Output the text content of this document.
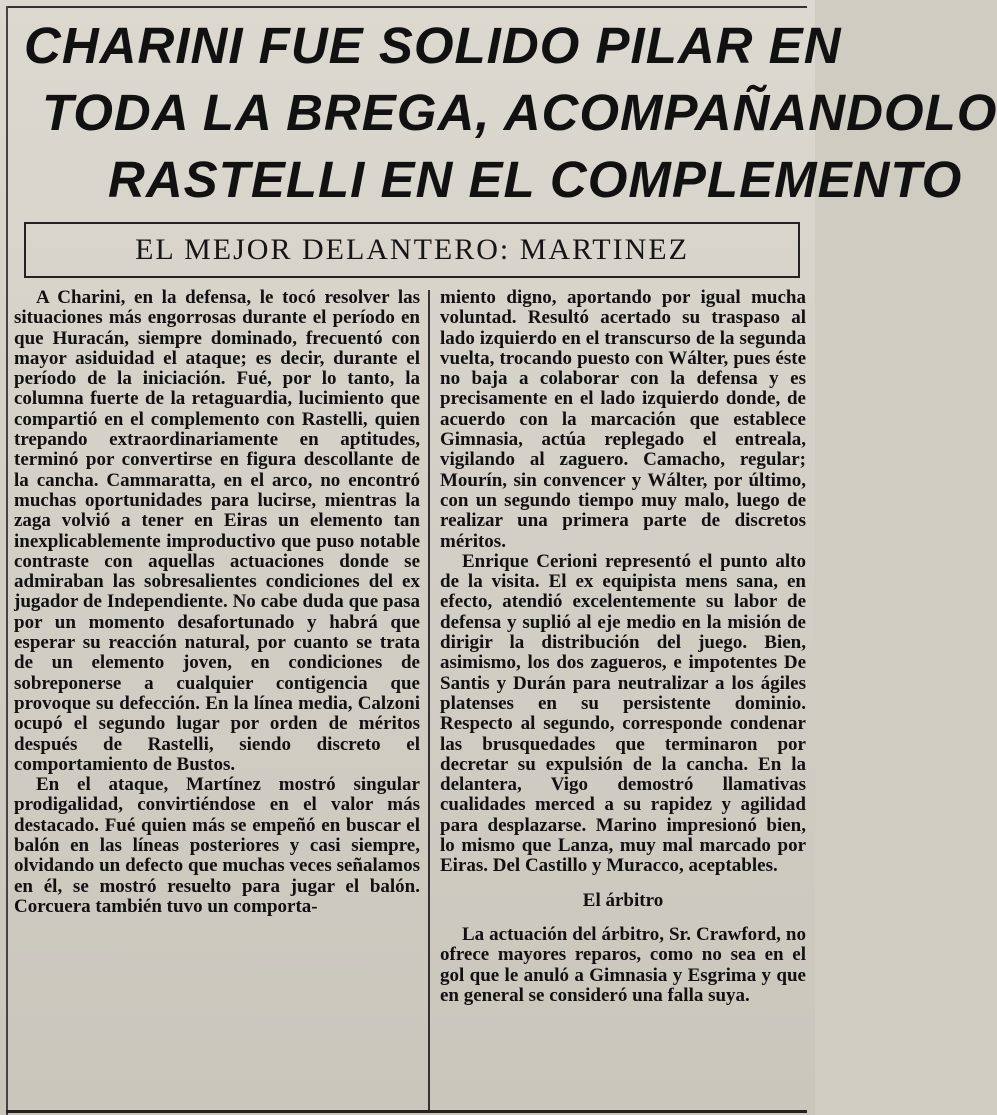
CHARINI FUE SOLIDO PILAR EN
TODA LA BREGA, ACOMPAÑANDOLO
RASTELLI EN EL COMPLEMENTO
EL MEJOR DELANTERO: MARTINEZ

A Charini, en la defensa, le tocó resolver las situaciones más engorrosas durante el período en que Huracán, siempre dominado, frecuentó con mayor asiduidad el ataque; es decir, durante el período de la iniciación. Fué, por lo tanto, la columna fuerte de la retaguardia, lucimiento que compartió en el complemento con Rastelli, quien trepando extraordinariamente en aptitudes, terminó por convertirse en figura descollante de la cancha. Cammaratta, en el arco, no encontró muchas oportunidades para lucirse, mientras la zaga volvió a tener en Eiras un elemento tan inexplicablemente improductivo que puso notable contraste con aquellas actuaciones donde se admiraban las sobresalientes condiciones del ex jugador de Independiente. No cabe duda que pasa por un momento desafortunado y habrá que esperar su reacción natural, por cuanto se trata de un elemento joven, en condiciones de sobreponerse a cualquier contigencia que provoque su defección. En la línea media, Calzoni ocupó el segundo lugar por orden de méritos después de Rastelli, siendo discreto el comportamiento de Bustos.

En el ataque, Martínez mostró singular prodigalidad, convirtiéndose en el valor más destacado. Fué quien más se empeñó en buscar el balón en las líneas posteriores y casi siempre, olvidando un defecto que muchas veces señalamos en él, se mostró resuelto para jugar el balón. Corcuera también tuvo un comporta-

miento digno, aportando por igual mucha voluntad. Resultó acertado su traspaso al lado izquierdo en el transcurso de la segunda vuelta, trocando puesto con Wálter, pues éste no baja a colaborar con la defensa y es precisamente en el lado izquierdo donde, de acuerdo con la marcación que establece Gimnasia, actúa replegado el entreala, vigilando al zaguero. Camacho, regular; Mourín, sin convencer y Wálter, por último, con un segundo tiempo muy malo, luego de realizar una primera parte de discretos méritos.

Enrique Cerioni representó el punto alto de la visita. El ex equipista mens sana, en efecto, atendió excelentemente su labor de defensa y suplió al eje medio en la misión de dirigir la distribución del juego. Bien, asimismo, los dos zagueros, e impotentes De Santis y Durán para neutralizar a los ágiles platenses en su persistente dominio. Respecto al segundo, corresponde condenar las brusquedades que terminaron por decretar su expulsión de la cancha. En la delantera, Vigo demostró llamativas cualidades merced a su rapidez y agilidad para desplazarse. Marino impresionó bien, lo mismo que Lanza, muy mal marcado por Eiras. Del Castillo y Muracco, aceptables.

El árbitro

La actuación del árbitro, Sr. Crawford, no ofrece mayores reparos, como no sea en el gol que le anuló a Gimnasia y Esgrima y que en general se consideró una falla suya.
